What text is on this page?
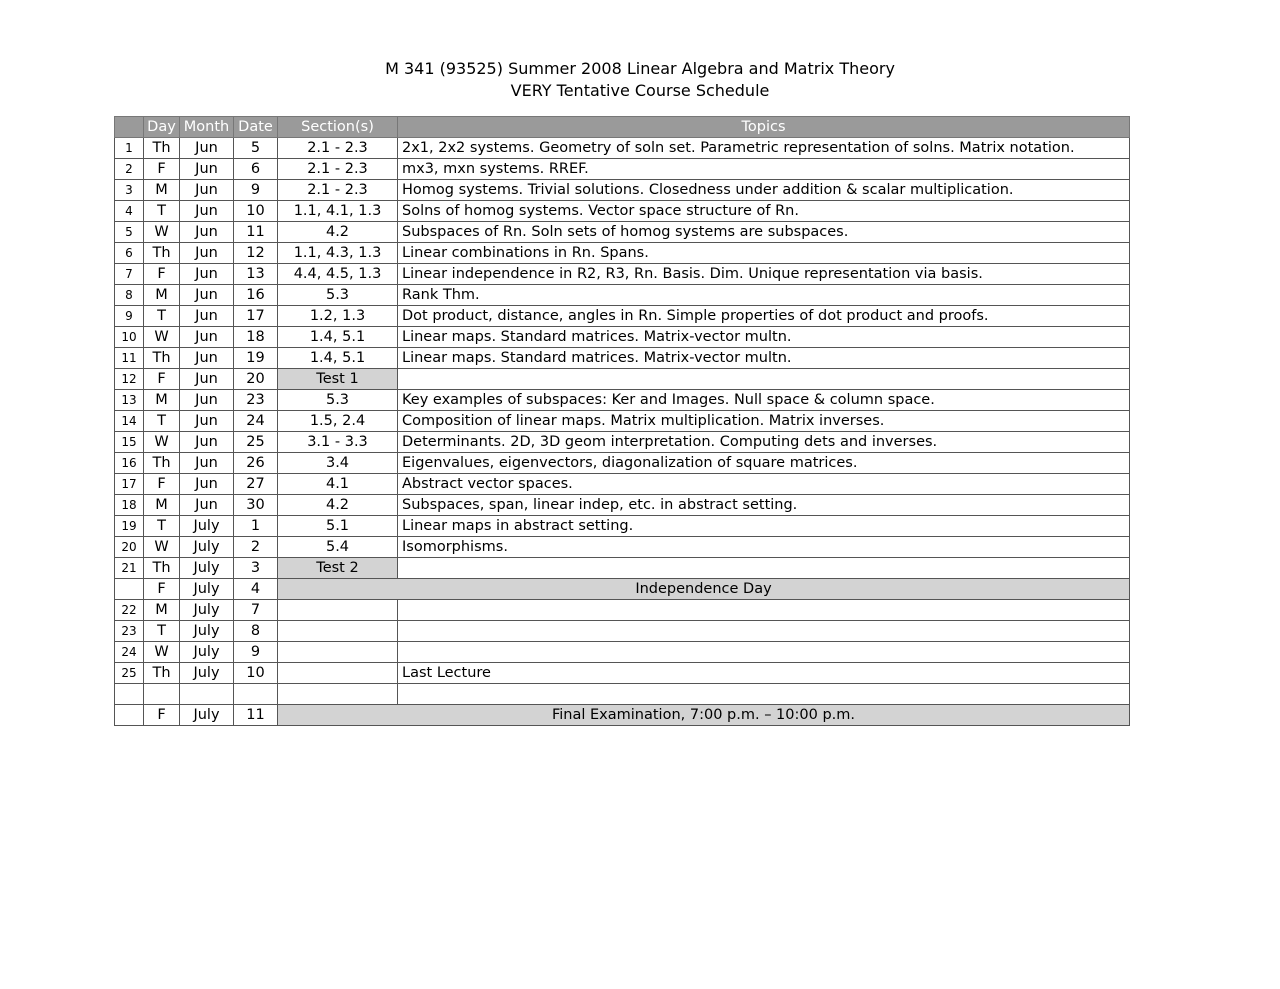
M 341 (93525) Summer 2008 Linear Algebra and Matrix Theory
VERY Tentative Course Schedule
	Day	Month	Date	Section(s)	Topics
1	Th	Jun	5	2.1 - 2.3	2x1, 2x2 systems. Geometry of soln set. Parametric representation of solns. Matrix notation.
2	F	Jun	6	2.1 - 2.3	mx3, mxn systems. RREF.
3	M	Jun	9	2.1 - 2.3	Homog systems. Trivial solutions. Closedness under addition & scalar multiplication.
4	T	Jun	10	1.1, 4.1, 1.3	Solns of homog systems. Vector space structure of Rn.
5	W	Jun	11	4.2	Subspaces of Rn. Soln sets of homog systems are subspaces.
6	Th	Jun	12	1.1, 4.3, 1.3	Linear combinations in Rn. Spans.
7	F	Jun	13	4.4, 4.5, 1.3	Linear independence in R2, R3, Rn. Basis. Dim. Unique representation via basis.
8	M	Jun	16	5.3	Rank Thm.
9	T	Jun	17	1.2, 1.3	Dot product, distance, angles in Rn. Simple properties of dot product and proofs.
10	W	Jun	18	1.4, 5.1	Linear maps. Standard matrices. Matrix-vector multn.
11	Th	Jun	19	1.4, 5.1	Linear maps. Standard matrices. Matrix-vector multn.
12	F	Jun	20	Test 1	
13	M	Jun	23	5.3	Key examples of subspaces: Ker and Images. Null space & column space.
14	T	Jun	24	1.5, 2.4	Composition of linear maps. Matrix multiplication. Matrix inverses.
15	W	Jun	25	3.1 - 3.3	Determinants. 2D, 3D geom interpretation. Computing dets and inverses.
16	Th	Jun	26	3.4	Eigenvalues, eigenvectors, diagonalization of square matrices.
17	F	Jun	27	4.1	Abstract vector spaces.
18	M	Jun	30	4.2	Subspaces, span, linear indep, etc. in abstract setting.
19	T	July	1	5.1	Linear maps in abstract setting.
20	W	July	2	5.4	Isomorphisms.
21	Th	July	3	Test 2	
	F	July	4	Independence Day	
22	M	July	7		
23	T	July	8		
24	W	July	9		
25	Th	July	10		Last Lecture

	F	July	11	Final Examination, 7:00 p.m. – 10:00 p.m.	
